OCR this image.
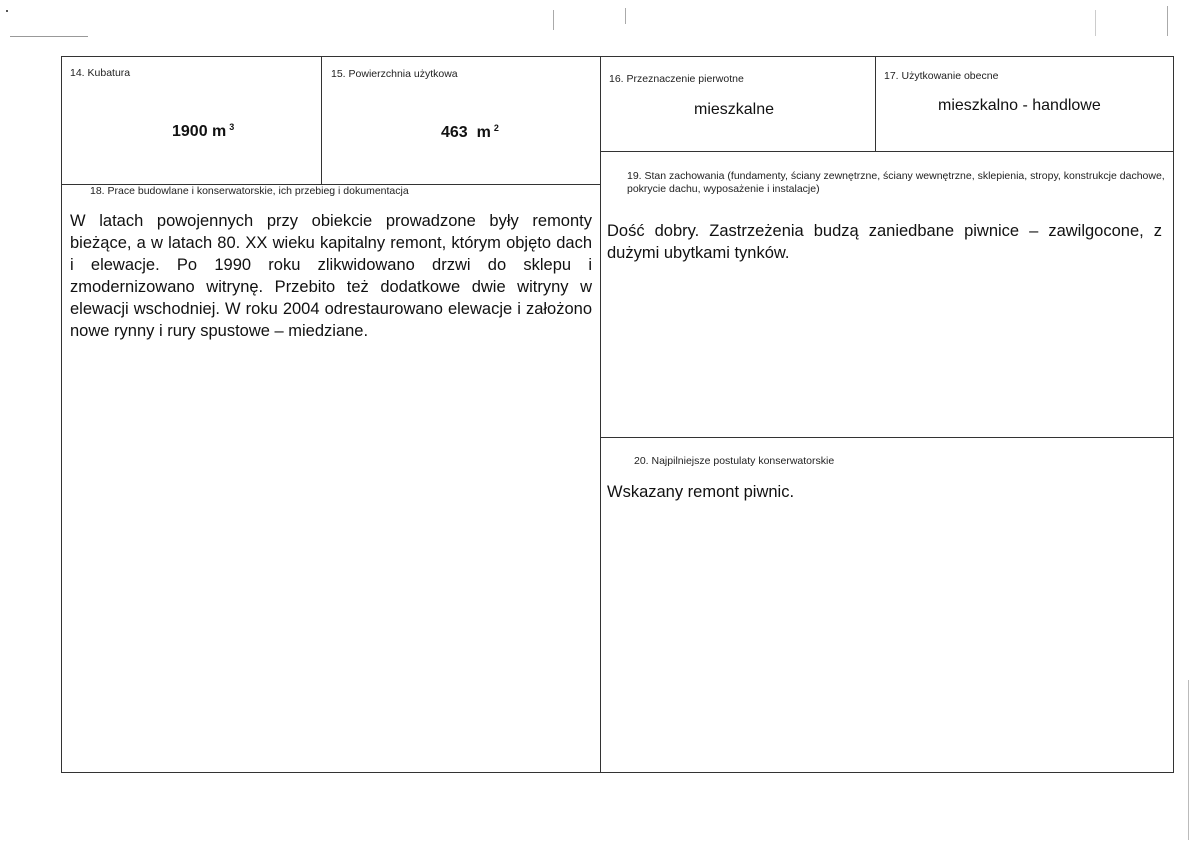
14. Kubatura
1900 m $^3$
15. Powierzchnia użytkowa
463  m $^2$
16. Przeznaczenie pierwotne
mieszkalne
17. Użytkowanie obecne
mieszkalno - handlowe
18. Prace budowlane i konserwatorskie, ich przebieg i dokumentacja
W latach powojennych przy obiekcie prowadzone były remonty bieżące, a w latach 80. XX wieku kapitalny remont, którym objęto dach i elewacje. Po 1990 roku zlikwidowano drzwi do sklepu i zmodernizowano witrynę. Przebito też dodatkowe dwie witryny w elewacji wschodniej. W roku 2004 odrestaurowano elewacje i założono nowe rynny i rury spustowe – miedziane.
19. Stan zachowania (fundamenty, ściany zewnętrzne, ściany wewnętrzne, sklepienia, stropy, konstrukcje dachowe, pokrycie dachu, wyposażenie i instalacje)
Dość dobry. Zastrzeżenia budzą zaniedbane piwnice – zawilgocone, z dużymi ubytkami tynków.
20. Najpilniejsze postulaty konserwatorskie
Wskazany remont piwnic.
